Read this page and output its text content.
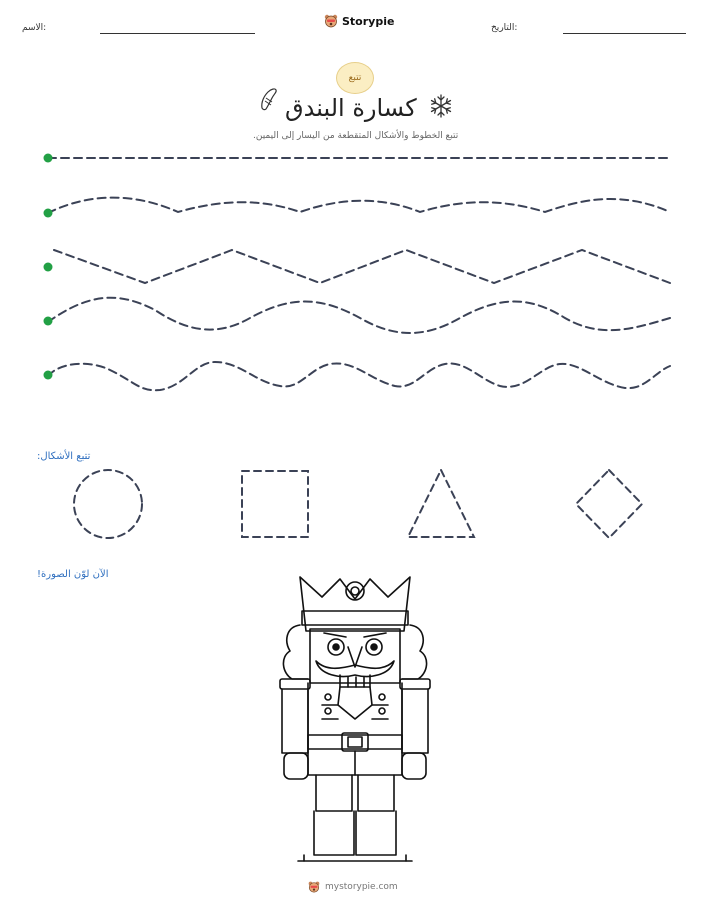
الاسم:
Storypie
التاريخ:
تتبع
كسارة البندق
تتبع الخطوط والأشكال المتقطعة من اليسار إلى اليمين.
تتبع الأشكال:
الآن لوّن الصورة!
mystorypie.com
